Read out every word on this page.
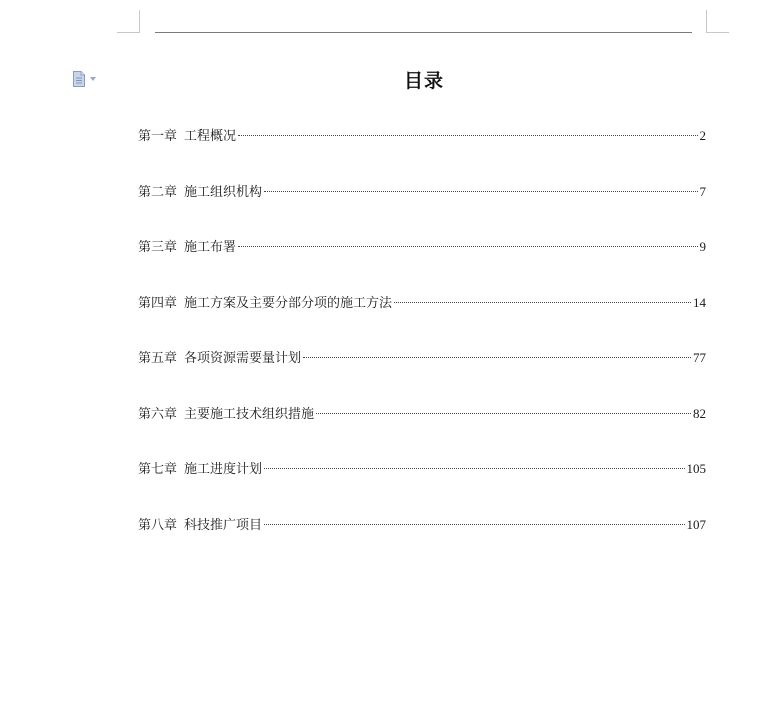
目录
第一章 工程概况	2
第二章 施工组织机构	7
第三章 施工布署	9
第四章 施工方案及主要分部分项的施工方法	14
第五章 各项资源需要量计划	77
第六章 主要施工技术组织措施	82
第七章 施工进度计划	105
第八章 科技推广项目	107
